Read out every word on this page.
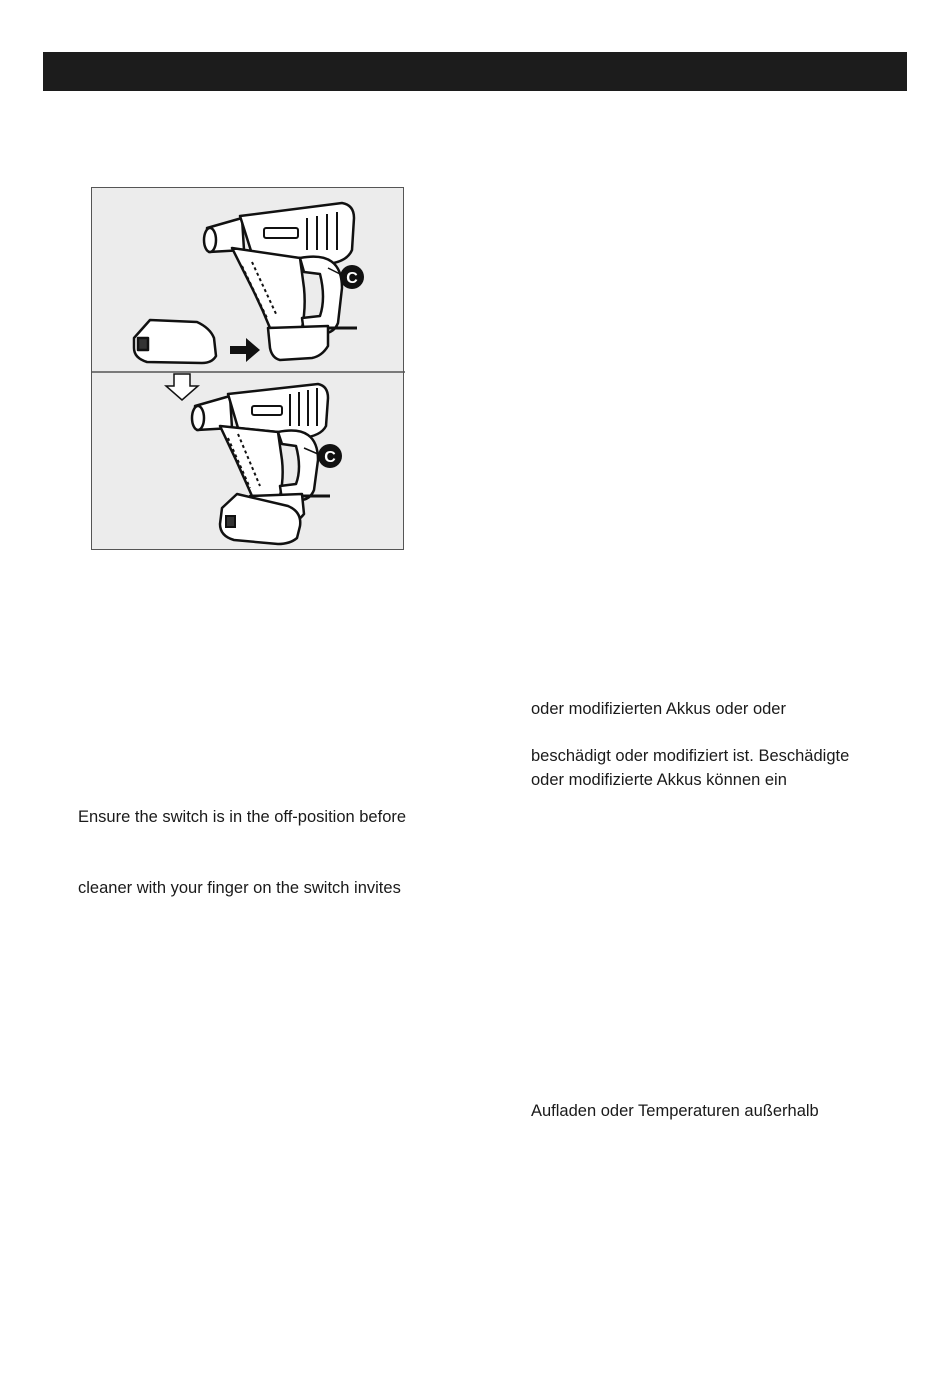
C
C
Ensure the switch is in the off-position before
cleaner with your finger on the switch invites
oder modifizierten Akkus oder oder
beschädigt oder modifiziert ist. Beschädigte
oder modifizierte Akkus können ein
Aufladen oder Temperaturen außerhalb
